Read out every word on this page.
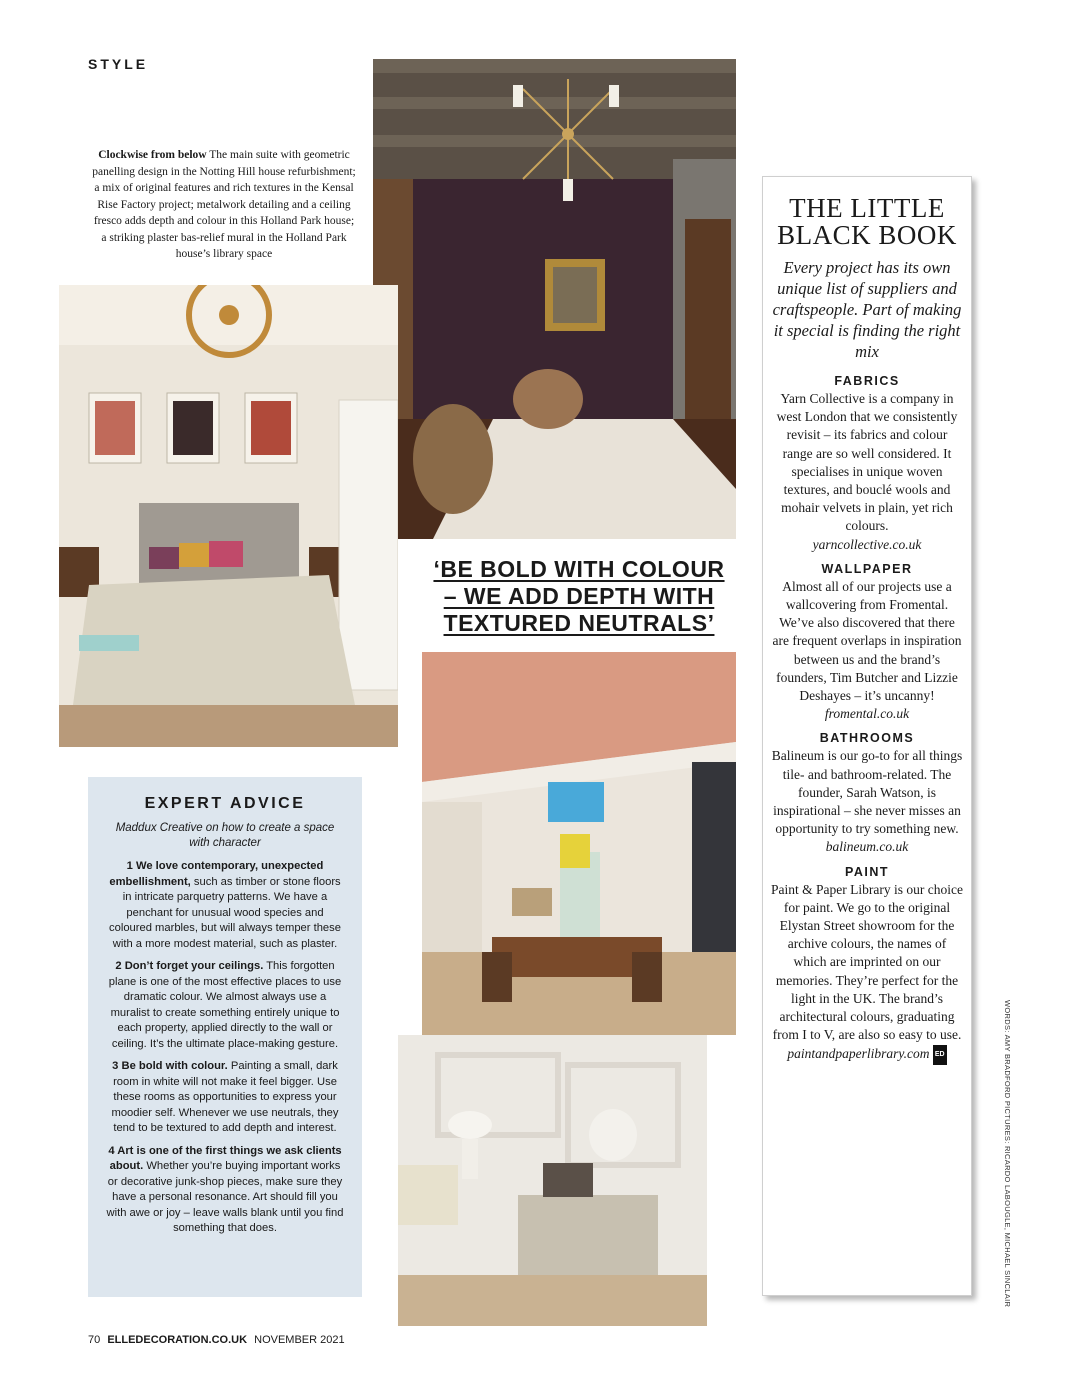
STYLE
Clockwise from below The main suite with geometric panelling design in the Notting Hill house refurbishment; a mix of original features and rich textures in the Kensal Rise Factory project; metalwork detailing and a ceiling fresco adds depth and colour in this Holland Park house; a striking plaster bas-relief mural in the Holland Park house’s library space
‘BE BOLD WITH COLOUR
– WE ADD DEPTH WITH
TEXTURED NEUTRALS’
EXPERT ADVICE
Maddux Creative on how to create a space with character

1 We love contemporary, unexpected embellishment, such as timber or stone floors in intricate parquetry patterns. We have a penchant for unusual wood species and coloured marbles, but will always temper these with a more modest material, such as plaster.

2 Don’t forget your ceilings. This forgotten plane is one of the most effective places to use dramatic colour. We almost always use a muralist to create something entirely unique to each property, applied directly to the wall or ceiling. It’s the ultimate place-making gesture.

3 Be bold with colour. Painting a small, dark room in white will not make it feel bigger. Use these rooms as opportunities to express your moodier self. Whenever we use neutrals, they tend to be textured to add depth and interest.

4 Art is one of the first things we ask clients about. Whether you’re buying important works or decorative junk-shop pieces, make sure they have a personal resonance. Art should fill you with awe or joy – leave walls blank until you find something that does.

THE LITTLE
BLACK BOOK
Every project has its own unique list of suppliers and craftspeople. Part of making it special is finding the right mix
FABRICS

Yarn Collective is a company in west London that we consistently revisit – its fabrics and colour range are so well considered. It specialises in unique woven textures, and bouclé wools and mohair velvets in plain, yet rich colours.

yarncollective.co.uk

WALLPAPER

Almost all of our projects use a wallcovering from Fromental. We’ve also discovered that there are frequent overlaps in inspiration between us and the brand’s founders, Tim Butcher and Lizzie Deshayes – it’s uncanny!

fromental.co.uk

BATHROOMS

Balineum is our go-to for all things tile- and bathroom-related. The founder, Sarah Watson, is inspirational – she never misses an opportunity to try something new.

balineum.co.uk

PAINT

Paint & Paper Library is our choice for paint. We go to the original Elystan Street showroom for the archive colours, the names of which are imprinted on our memories. They’re perfect for the light in the UK. The brand’s architectural colours, graduating from I to V, are also so easy to use.

paintandpaperlibrary.com ED	WORDS: AMY BRADFORD PICTURES: RICARDO LABOUGLE, MICHAEL SINCLAIR
70 ELLEDECORATION.CO.UK NOVEMBER 2021
